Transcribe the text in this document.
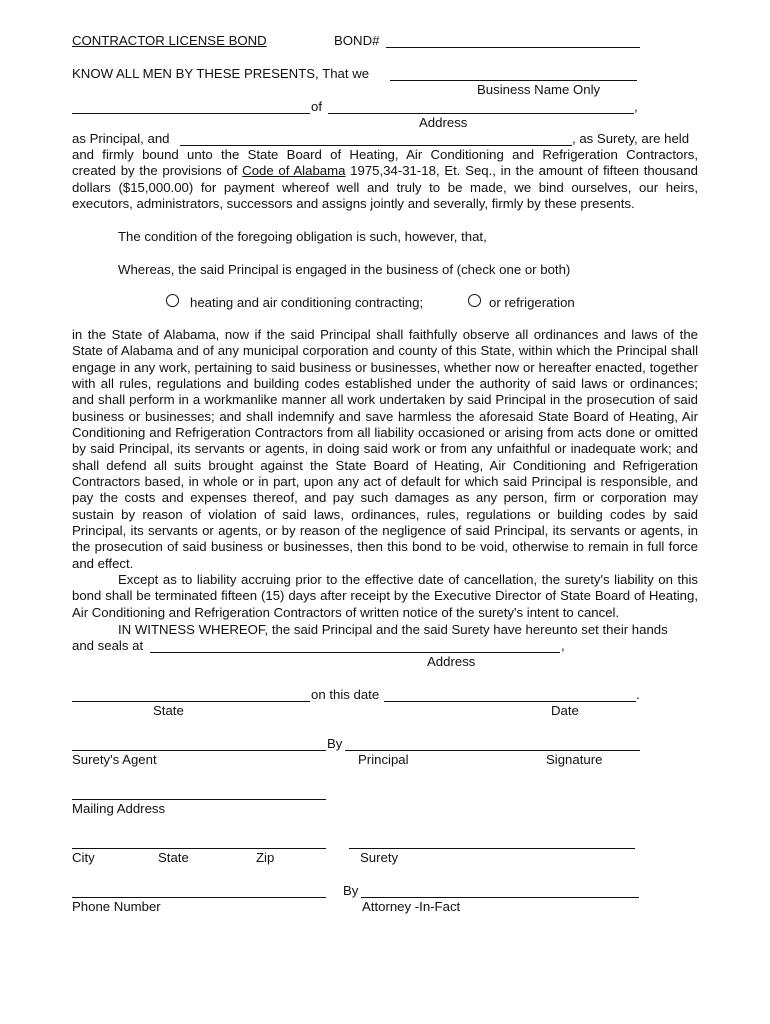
CONTRACTOR LICENSE BOND	BOND#
KNOW ALL MEN BY THESE PRESENTS, That we
Business Name Only
of	,
Address
as Principal, and	, as Surety, are held
and firmly bound unto the State Board of Heating, Air Conditioning and Refrigeration Contractors,
created by the provisions of Code of Alabama 1975,34-31-18, Et. Seq., in the amount of fifteen thousand
dollars ($15,000.00) for payment whereof well and truly to be made, we bind ourselves, our heirs,
executors, administrators, successors and assigns jointly and severally, firmly by these presents.
The condition of the foregoing obligation is such, however, that,
Whereas, the said Principal is engaged in the business of (check one or both)
heating and air conditioning contracting;	or refrigeration
in the State of Alabama, now if the said Principal shall faithfully observe all ordinances and laws of the State of Alabama and of any municipal corporation and county of this State, within which the Principal shall engage in any work, pertaining to said business or businesses, whether now or hereafter enacted, together with all rules, regulations and building codes established under the authority of said laws or ordinances; and shall perform in a workmanlike manner all work undertaken by said Principal in the prosecution of said business or businesses; and shall indemnify and save harmless the aforesaid State Board of Heating, Air Conditioning and Refrigeration Contractors from all liability occasioned or arising from acts done or omitted by said Principal, its servants or agents, in doing said work or from any unfaithful or inadequate work; and shall defend all suits brought against the State Board of Heating, Air Conditioning and Refrigeration Contractors based, in whole or in part, upon any act of default for which said Principal is responsible, and pay the costs and expenses thereof, and pay such damages as any person, firm or corporation may sustain by reason of violation of said laws, ordinances, rules, regulations or building codes by said Principal, its servants or agents, or by reason of the negligence of said Principal, its servants or agents, in the prosecution of said business or businesses, then this bond to be void, otherwise to remain in full force and effect.
Except as to liability accruing prior to the effective date of cancellation, the surety's liability on this bond shall be terminated fifteen (15) days after receipt by the Executive Director of State Board of Heating, Air Conditioning and Refrigeration Contractors of written notice of the surety's intent to cancel.
IN WITNESS WHEREOF, the said Principal and the said Surety have hereunto set their hands
and seals at	,
Address
on this date	.
State	Date
By
Surety's Agent	Principal	Signature
Mailing Address
City	State	Zip	Surety
By
Phone Number	Attorney -In-Fact
